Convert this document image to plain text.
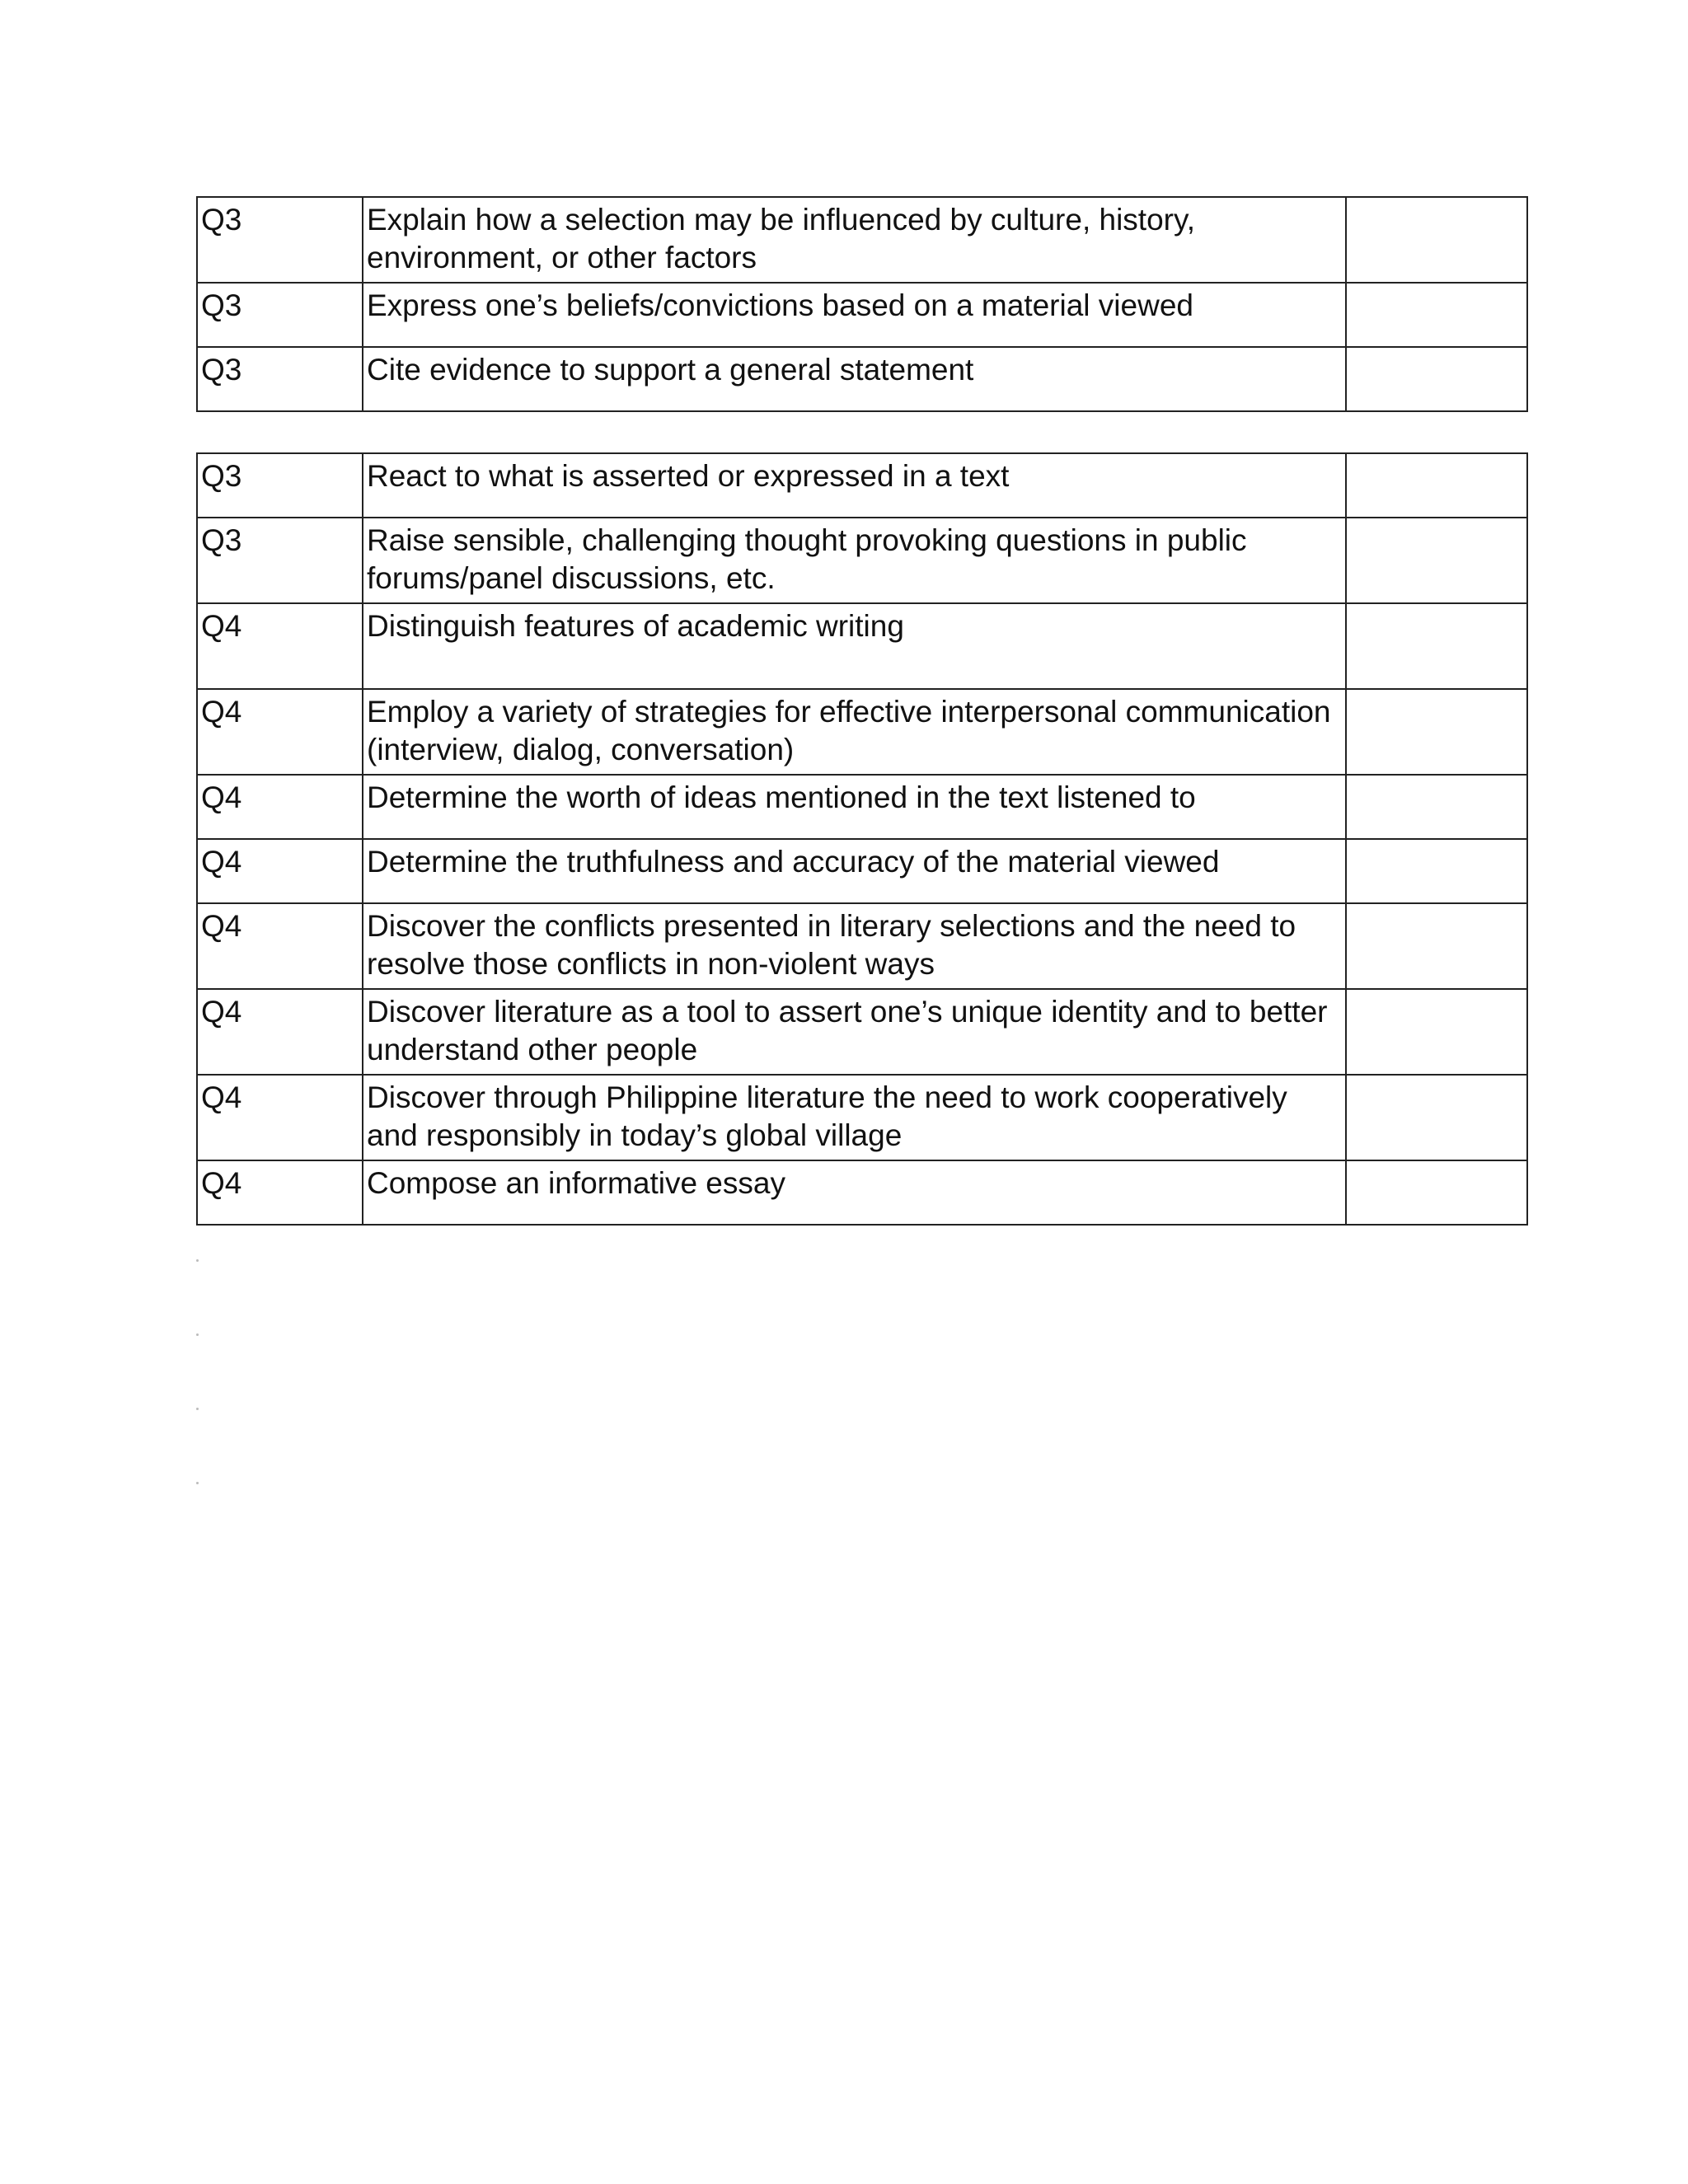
Q3	Explain how a selection may be influenced by culture, history, environment, or other factors	
Q3	Express one’s beliefs/convictions based on a material viewed	
Q3	Cite evidence to support a general statement	
Q3	React to what is asserted or expressed in a text	
Q3	Raise sensible, challenging thought provoking questions in public forums/panel discussions, etc.	
Q4	Distinguish features of academic writing	
Q4	Employ a variety of strategies for effective interpersonal communication (interview, dialog, conversation)	
Q4	Determine the worth of ideas mentioned in the text listened to	
Q4	Determine the truthfulness and accuracy of the material viewed	
Q4	Discover the conflicts presented in literary selections and the need to resolve those conflicts in non-violent ways	
Q4	Discover literature as a tool to assert one’s unique identity and to better understand other people	
Q4	Discover through Philippine literature the need to work cooperatively and responsibly in today’s global village	
Q4	Compose an informative essay	
